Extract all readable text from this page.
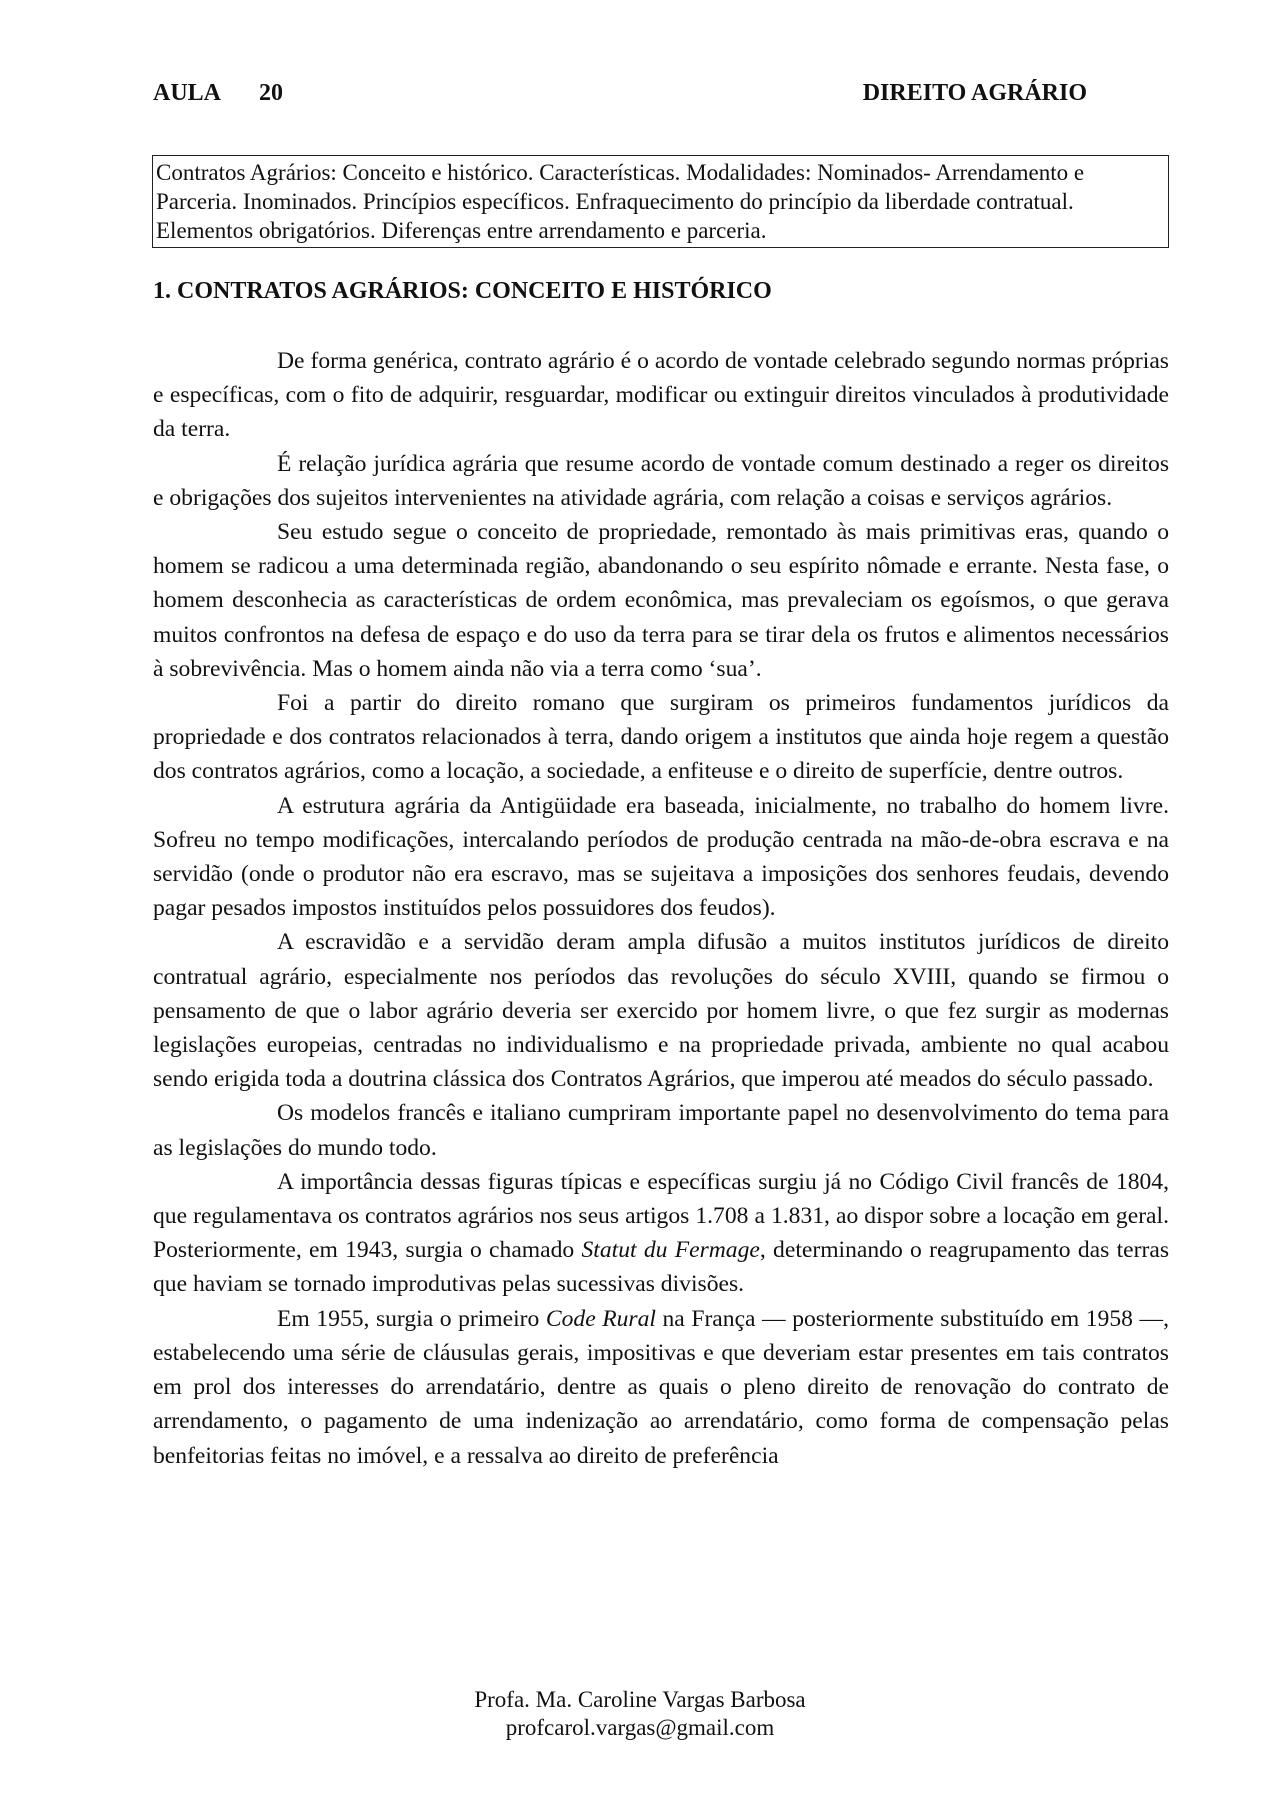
AULA 20	DIREITO AGRÁRIO
Contratos Agrários: Conceito e histórico. Características. Modalidades: Nominados- Arrendamento e Parceria. Inominados. Princípios específicos. Enfraquecimento do princípio da liberdade contratual. Elementos obrigatórios. Diferenças entre arrendamento e parceria.
1. CONTRATOS AGRÁRIOS: CONCEITO E HISTÓRICO

De forma genérica, contrato agrário é o acordo de vontade celebrado segundo normas próprias e específicas, com o fito de adquirir, resguardar, modificar ou extinguir direitos vinculados à produtividade da terra.

É relação jurídica agrária que resume acordo de vontade comum destinado a reger os direitos e obrigações dos sujeitos intervenientes na atividade agrária, com relação a coisas e serviços agrários.

Seu estudo segue o conceito de propriedade, remontado às mais primitivas eras, quando o homem se radicou a uma determinada região, abandonando o seu espírito nômade e errante. Nesta fase, o homem desconhecia as características de ordem econômica, mas prevaleciam os egoísmos, o que gerava muitos confrontos na defesa de espaço e do uso da terra para se tirar dela os frutos e alimentos necessários à sobrevivência. Mas o homem ainda não via a terra como ‘sua’.

Foi a partir do direito romano que surgiram os primeiros fundamentos jurídicos da propriedade e dos contratos relacionados à terra, dando origem a institutos que ainda hoje regem a questão dos contratos agrários, como a locação, a sociedade, a enfiteuse e o direito de superfície, dentre outros.

A estrutura agrária da Antigüidade era baseada, inicialmente, no trabalho do homem livre. Sofreu no tempo modificações, intercalando períodos de produção centrada na mão-de-obra escrava e na servidão (onde o produtor não era escravo, mas se sujeitava a imposições dos senhores feudais, devendo pagar pesados impostos instituídos pelos possuidores dos feudos).

A escravidão e a servidão deram ampla difusão a muitos institutos jurídicos de direito contratual agrário, especialmente nos períodos das revoluções do século XVIII, quando se firmou o pensamento de que o labor agrário deveria ser exercido por homem livre, o que fez surgir as modernas legislações europeias, centradas no individualismo e na propriedade privada, ambiente no qual acabou sendo erigida toda a doutrina clássica dos Contratos Agrários, que imperou até meados do século passado.

Os modelos francês e italiano cumpriram importante papel no desenvolvimento do tema para as legislações do mundo todo.

A importância dessas figuras típicas e específicas surgiu já no Código Civil francês de 1804, que regulamentava os contratos agrários nos seus artigos 1.708 a 1.831, ao dispor sobre a locação em geral. Posteriormente, em 1943, surgia o chamado Statut du Fermage, determinando o reagrupamento das terras que haviam se tornado improdutivas pelas sucessivas divisões.

Em 1955, surgia o primeiro Code Rural na França — posteriormente substituído em 1958 —, estabelecendo uma série de cláusulas gerais, impositivas e que deveriam estar presentes em tais contratos em prol dos interesses do arrendatário, dentre as quais o pleno direito de renovação do contrato de arrendamento, o pagamento de uma indenização ao arrendatário, como forma de compensação pelas benfeitorias feitas no imóvel, e a ressalva ao direito de preferência

Profa. Ma. Caroline Vargas Barbosa
profcarol.vargas@gmail.com
